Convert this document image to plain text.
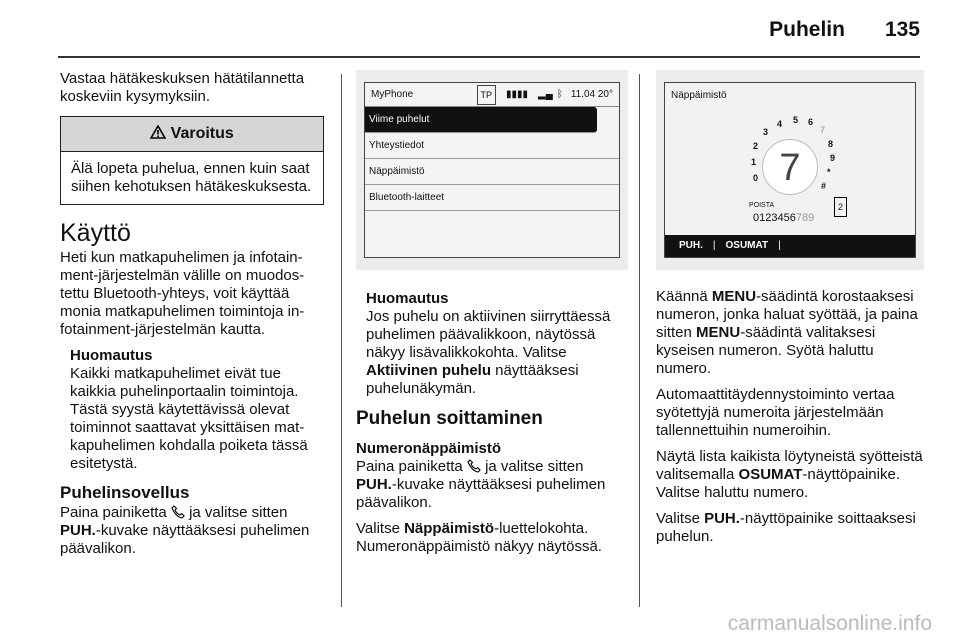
Puhelin 135

Vastaa hätäkeskuksen hätätilannetta koskeviin kysymyksiin.

Varoitus
Älä lopeta puhelua, ennen kuin saat siihen kehotuksen hätäkeskuksesta.
Käyttö

Heti kun matkapuhelimen ja infotainment-järjestelmän välille on muodostettu Bluetooth-yhteys, voit käyttää monia matkapuhelimen toimintoja infotainment-järjestelmän kautta.

Huomautus
Kaikki matkapuhelimet eivät tue kaikkia puhelinportaalin toimintoja. Tästä syystä käytettävissä olevat toiminnot saattavat yksittäisen matkapuhelimen kohdalla poiketa tässä esitetystä.
Puhelinsovellus

Paina painiketta  ja valitse sitten PUH.-kuvake näyttääksesi puhelimen päävalikon.

MyPhone	TP	▮▮▮▮ ▂▄ ᛒ 11.04 20°
Viime puhelut
Yhteystiedot
Näppäimistö
Bluetooth-laitteet
Huomautus
Jos puhelu on aktiivinen siirryttäessä puhelimen päävalikkoon, näytössä näkyy lisävalikkokohta. Valitse Aktiivinen puhelu näyttääksesi puhelunäkymän.
Puhelun soittaminen
Numeronäppäimistö

Paina painiketta  ja valitse sitten PUH.-kuvake näyttääksesi puhelimen päävalikon.

Valitse Näppäimistö-luettelokohta. Numeronäppäimistö näkyy näytössä.

Näppäimistö
3
4 5 6
7
8
9
2
1
0
*
#
7
POISTA	2
0123456789
PUH. | OSUMAT |

Käännä MENU-säädintä korostaaksesi numeron, jonka haluat syöttää, ja paina sitten MENU-säädintä valitaksesi kyseisen numeron. Syötä haluttu numero.

Automaattitäydennystoiminto vertaa syötettyjä numeroita järjestelmään tallennettuihin numeroihin.

Näytä lista kaikista löytyneistä syötteistä valitsemalla OSUMAT-näyttöpainike. Valitse haluttu numero.

Valitse PUH.-näyttöpainike soittaaksesi puhelun.

carmanualsonline.info
